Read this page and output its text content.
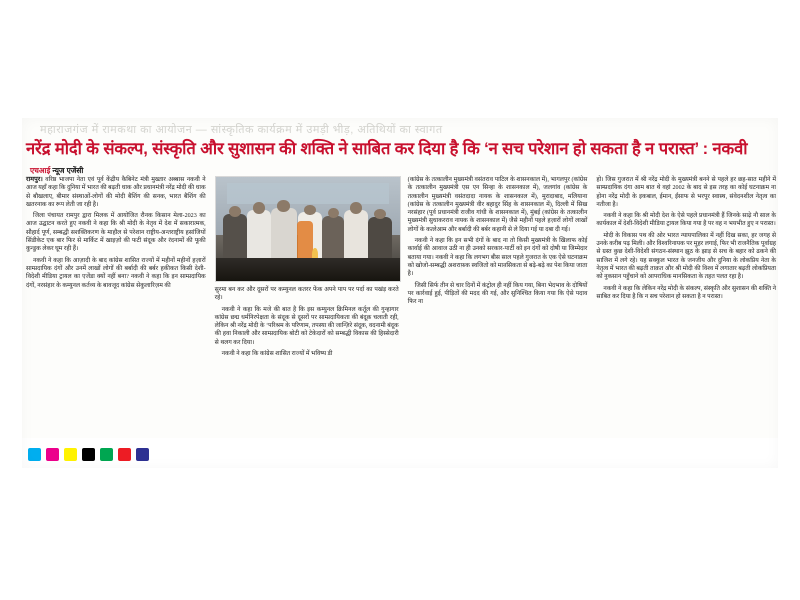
महाराजगंज में रामकथा का आयोजन — सांस्कृतिक कार्यक्रम में उमड़ी भीड़, अतिथियों का स्वागत
नरेंद्र मोदी के संकल्प, संस्कृति और सुशासन की शक्ति ने साबित कर दिया है कि ‘न सच परेशान हो सकता है न परास्त’ : नकवी
एचआई न्यूज एजेंसी

रामपुर। वरिष्ठ भाजपा नेता एवं पूर्व केंद्रीय कैबिनेट मंत्री मुख्तार अब्बास नकवी ने आज यहाँ कहा कि दुनिया में भारत की बढ़ती धाक और प्रधानमंत्री नरेंद्र मोदी की धाक से बौखलाए, बीमार संस्थाओं-लोगों की मोदी बैशिंग की सनक, भारत बैशिंग की खतरनाक का रूप लेती जा रही है।

जिला पंचायत रामपुर द्वारा मिलक में आयोजित रौनक किसान मेला-2023 का आज उद्घाटन करते हुए नकवी ने कहा कि श्री मोदी के नेतृव में देश में सकारात्मक, सौहार्द पूर्ण, सम्बद्धी सशक्तिकरण के माहौल से परेशान राष्ट्रीय-अन्तराष्ट्रीय हसांजियों सिंडीकेट एक बार फिर से मार्किट में खाइज़ो की फटी संदूक और रंदनामों की फूकी कुन्डुक लेकर घूम रही हैं।

नकवी ने कहा कि आज़ादी के बाद कांग्रेस शासित राज्यों में महीनों महीनों हज़ारों साम्प्रदायिक दंगों और उनमें लाखों लोगों की बर्बादी की बर्बर हकीकत किसी देशी-विदेशी मीडिया ट्रायल का एजेंडा क्यों नहीं बना? नकवी ने कहा कि इन साम्प्रदायिक दंगों, नरसंहार के कम्युनल कर्तव्य के बावजूद कांग्रेस सेकुलारिज़म की

सुरमा बन कर और दूसरों पर कम्युनल कतरर फेंक अपने पाप पर पर्दा का पखंड़ करते रहे।

नकवी ने कहा कि मजे की बात है कि इस कम्युनल क्रिमिनल कर्तूल की गुन्हागार कांग्रेस छद्म धर्मनिरपेक्षता के संदूक से दूसरों पर साम्प्रदायिकता की बंदूक़ चलाती रही, लेकिन श्री नरेंद्र मोदी के ‘परिश्रम के परिणाम, तपस्या की जान्ज़िरे संदूक, वदनामी बंदूक की हवा निकाली और साम्प्रदायिक बोटी को टेकेदारों को सम्बद्धी विकास की हिस्सेदारी से थलग कर दिया।

नकवी ने कहा कि कांग्रेस शासित राज्यों में भविष्य डी

(कांग्रेस के तत्कालीन मुख्यमंत्री वसंतराव पाटिल के शासनकाल में), भागलपुर (कांग्रेस के तत्कालीन मुख्यमंत्री एस एन सिन्हा के शासनकाल में), जलगांव (कांग्रेस के तत्कालीन मुख्यमंत्री वसंतदादा नायक के शासनकाल में), मुरादाबाद, मलियाना (कांग्रेस के तत्कालीन मुख्यमंत्री वीर बहादुर सिंह के शासनकाल में), दिल्ली में सिख नरसंहार (पूर्व प्रधानमंत्री राजीव गांधी के शासनकाल में), मुंबई (कांग्रेस के तत्कालीन मुख्यमंत्री सुधाकरराव नायक के शासनकाल में) जैसे महीनों पहले हज़ारों लोगों लाखों लोगों के कत्लेआम और बर्बादी की बर्बर कहानी से ले दिया गई या दबा दी गई।

नकवी ने कहा कि इन सभी दंगों के बाद ना तो किसी मुख्यमंत्री के खिलाफ कोई कार्वाई की आवाज उठी ना ही उनको सरकार-पार्टी को इन दंगों को दोषी या जिम्मेदार बताया गया। नकवी ने कहा कि लगभग बीस साल पहले गुजरात के एक ऐसे घटनाक्रम को खोजो-सम्बद्धी अशराफ़क स्वजितो को माऩसिकता से बढ़े-बढ़े का पेश किया जाता है।

जिसी सिर्फ तीन से चार दिनों में कंट्रोल ही नहीं किय गया, बिना भेदभाव के दोषियों पर कार्रवाई हुई, पीड़ितों की मदद की गई, और सुनिश्चित किया गया कि ऐसे पदाव फिर ना

हो। जिस गुजरात में श्री नरेंद्र मोदी के मुख्यमंत्री बनने से पहले हर छह-सात महीने में साम्प्रदायिक दंगा आम बात थे वहां 2002 के बाद से इस तरह का कोई घटनाक्रम ना होना नरेंद्र मोदी के इकबाल, ईमान, ईंसाफ से भरपूर स्वास्थ, संवेदनशील नेतृत्व का नतीजा है।

नकवी ने कहा कि श्री मोदी देश के ऐसे पहले प्रधानमंत्री हैं जिनके साढ़े नौ साल के कार्यकाल में देशी-विदेशी मीडिया ट्रायल किया गया है पर वह न भयभीत हुए न परास्त।

मोदी के विकास पथ की ओर भारत न्यायपालिका में नहीं दिख सका, हर जगह से उनके करीब पढ़ मिली। और विश्वरिनायक पर मुहर लगाई, फिर भी राजनैतिक पूर्वाग्रह से ग्रस्त कुछ देशी-विदेशी संगठन-संस्थान झूठ के झाड़ से सच के बहार को ढकने की साजिश में लगे रहे। यह सक्कुल भारत के जनजीय और दुनिया के लोकप्रिय नेता के नेतृत्व में भारत की बढ़ती ताक़त और श्री मोदी की विश्व में लगातार बढ़ती लोकप्रियता को नुकसान पहुँचाने को आपराधिक मानसिकता के तहत पलत रहा है।

नकवी ने कहा कि लेकिन नरेंद्र मोदी के संकल्प, संस्कृति और सुशासन की शक्ति ने साबित कर दिया है कि न सच परेशान हो सकता है न परास्त।
